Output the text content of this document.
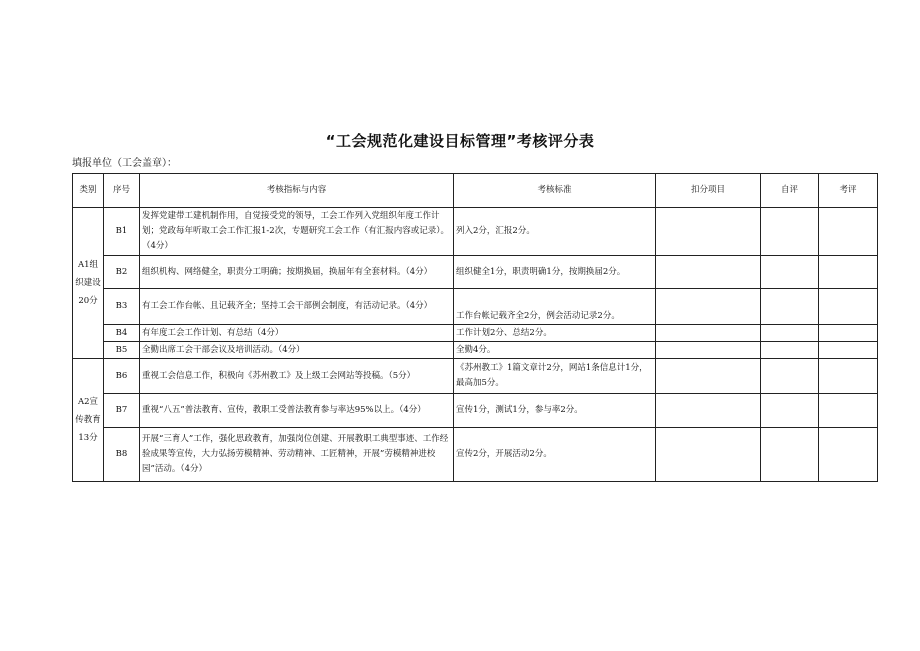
“工会规范化建设目标管理”考核评分表
填报单位（工会盖章）：
类别	序号	考核指标与内容	考核标准	扣分项目	自评	考评
A1组织建设20分	B1	发挥党建带工建机制作用，自觉接受党的领导，工会工作列入党组织年度工作计划；党政每年听取工会工作汇报1-2次，专题研究工会工作（有汇报内容或记录）。（4分）	列入2分，汇报2分。			
	B2	组织机构、网络健全，职责分工明确；按期换届，换届年有全套材料。（4分）	组织健全1分，职责明确1分，按期换届2分。			
	B3	有工会工作台帐、且记载齐全；坚持工会干部例会制度，有活动记录。（4分）	工作台帐记载齐全2分，例会活动记录2分。			
	B4	有年度工会工作计划、有总结（4分）	工作计划2分、总结2分。			
	B5	全勤出席工会干部会议及培训活动。（4分）	全勤4分。			
A2宣传教育13分	B6	重视工会信息工作，积极向《苏州教工》及上级工会网站等投稿。（5分）	《苏州教工》1篇文章计2分，网站1条信息计1分，最高加5分。			
	B7	重视“八五”普法教育、宣传，教职工受普法教育参与率达95%以上。（4分）	宣传1分，测试1分，参与率2分。			
	B8	开展“三育人”工作，强化思政教育，加强岗位创建、开展教职工典型事迹、工作经验成果等宣传，大力弘扬劳模精神、劳动精神、工匠精神，开展”劳模精神进校园”活动。（4分）	宣传2分，开展活动2分。			
